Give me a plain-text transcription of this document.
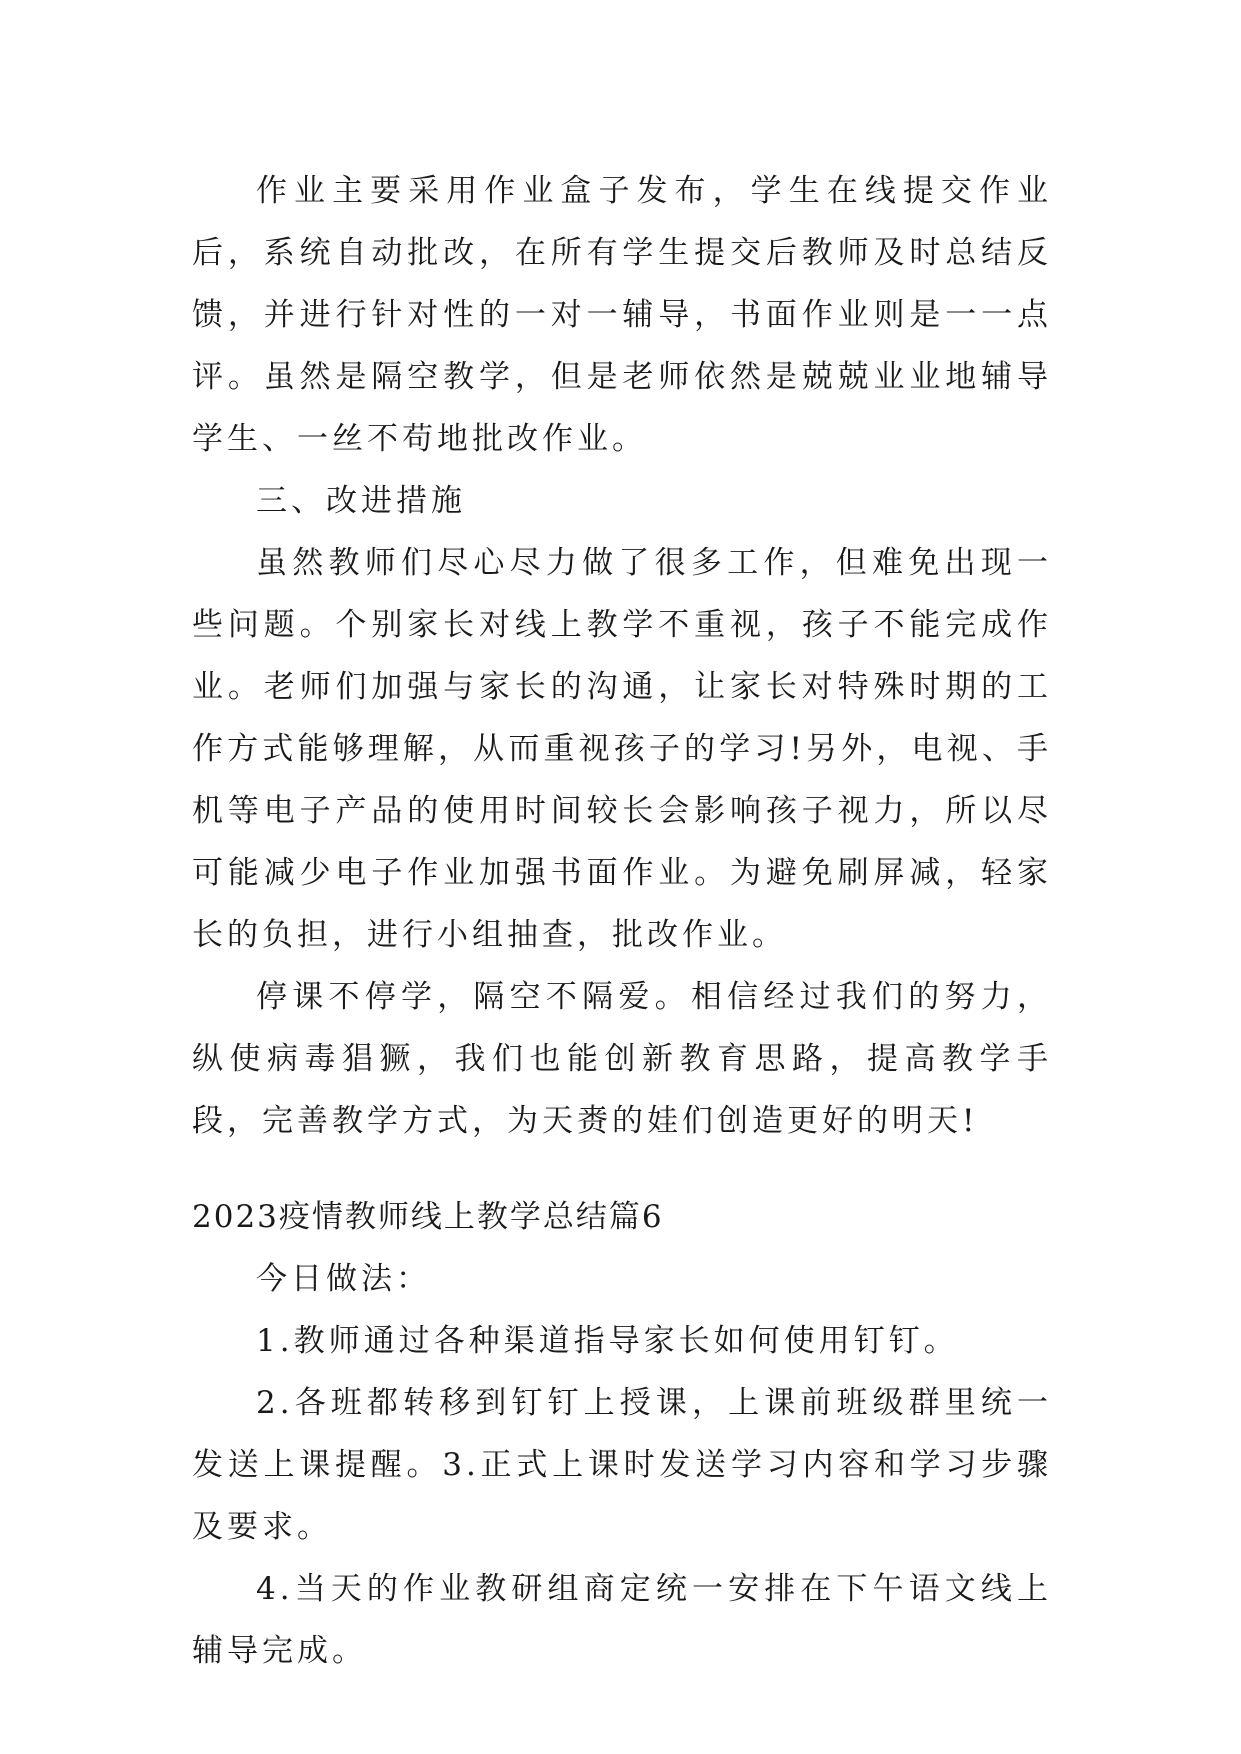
作业主要采用作业盒子发布，学生在线提交作业后，系统自动批改，在所有学生提交后教师及时总结反馈，并进行针对性的一对一辅导，书面作业则是一一点评。虽然是隔空教学，但是老师依然是兢兢业业地辅导学生、一丝不苟地批改作业。

三、改进措施

虽然教师们尽心尽力做了很多工作，但难免出现一些问题。个别家长对线上教学不重视，孩子不能完成作业。老师们加强与家长的沟通，让家长对特殊时期的工作方式能够理解，从而重视孩子的学习!另外，电视、手机等电子产品的使用时间较长会影响孩子视力，所以尽可能减少电子作业加强书面作业。为避免刷屏减，轻家长的负担，进行小组抽查，批改作业。

停课不停学，隔空不隔爱。相信经过我们的努力，纵使病毒猖獗，我们也能创新教育思路，提高教学手段，完善教学方式，为天赉的娃们创造更好的明天!

2023疫情教师线上教学总结篇6

今日做法：

1.教师通过各种渠道指导家长如何使用钉钉。

2.各班都转移到钉钉上授课，上课前班级群里统一发送上课提醒。3.正式上课时发送学习内容和学习步骤及要求。

4.当天的作业教研组商定统一安排在下午语文线上辅导完成。
